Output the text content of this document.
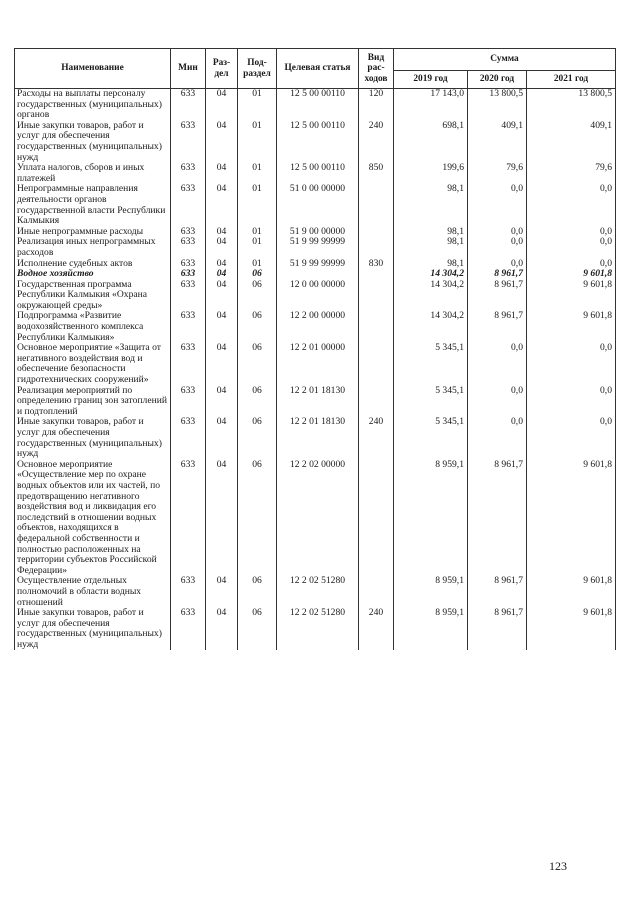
Наименование	Мин	Раз-дел	Под-раздел	Целевая статья	Вид рас-ходов	Сумма		
						2019 год	2020 год	2021 год
Расходы на выплаты персоналу государственных (муниципальных) органов	633	04	01	12 5 00 00110	120	17 143,0	13 800,5	13 800,5
Иные закупки товаров, работ и услуг для обеспечения государственных (муниципальных) нужд	633	04	01	12 5 00 00110	240	698,1	409,1	409,1
Уплата налогов, сборов и иных платежей	633	04	01	12 5 00 00110	850	199,6	79,6	79,6
Непрограммные направления деятельности органов государственной власти Республики Калмыкия	633	04	01	51 0 00 00000		98,1	0,0	0,0
Иные непрограммные расходы	633	04	01	51 9 00 00000		98,1	0,0	0,0
Реализация иных непрограммных расходов	633	04	01	51 9 99 99999		98,1	0,0	0,0
Исполнение судебных актов	633	04	01	51 9 99 99999	830	98,1	0,0	0,0
Водное хозяйство	633	04	06			14 304,2	8 961,7	9 601,8
Государственная программа Республики Калмыкия «Охрана окружающей среды»	633	04	06	12 0 00 00000		14 304,2	8 961,7	9 601,8
Подпрограмма «Развитие водохозяйственного комплекса Республики Калмыкия»	633	04	06	12 2 00 00000		14 304,2	8 961,7	9 601,8
Основное мероприятие «Защита от негативного воздействия вод и обеспечение безопасности гидротехнических сооружений»	633	04	06	12 2 01 00000		5 345,1	0,0	0,0
Реализация мероприятий по определению границ зон затоплений и подтоплений	633	04	06	12 2 01 18130		5 345,1	0,0	0,0
Иные закупки товаров, работ и услуг для обеспечения государственных (муниципальных) нужд	633	04	06	12 2 01 18130	240	5 345,1	0,0	0,0
Основное мероприятие «Осуществление мер по охране водных объектов или их частей, по предотвращению негативного воздействия вод и ликвидация его последствий в отношении водных объектов, находящихся в федеральной собственности и полностью расположенных на территории субъектов Российской Федерации»	633	04	06	12 2 02 00000		8 959,1	8 961,7	9 601,8
Осуществление отдельных полномочий в области водных отношений	633	04	06	12 2 02 51280		8 959,1	8 961,7	9 601,8
Иные закупки товаров, работ и услуг для обеспечения государственных (муниципальных) нужд	633	04	06	12 2 02 51280	240	8 959,1	8 961,7	9 601,8
123
